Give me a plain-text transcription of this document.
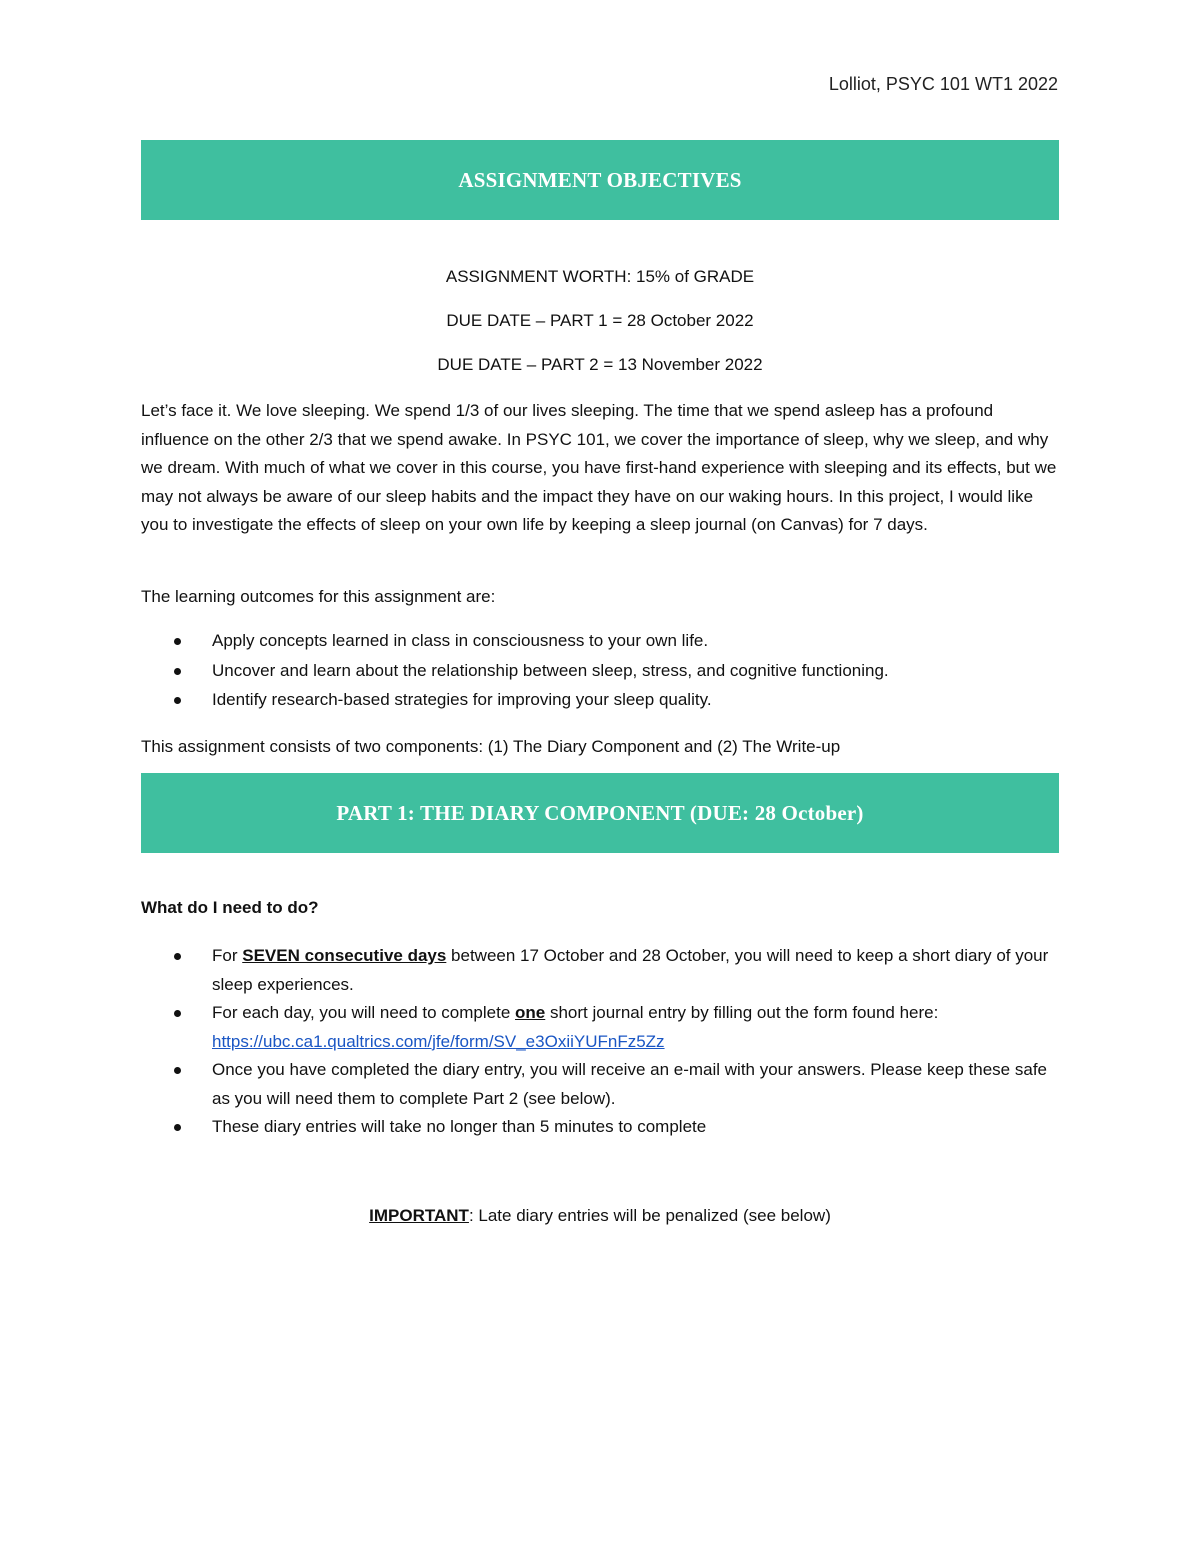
Lolliot, PSYC 101 WT1 2022
ASSIGNMENT OBJECTIVES
ASSIGNMENT WORTH: 15% of GRADE
DUE DATE – PART 1 = 28 October 2022
DUE DATE – PART 2 = 13 November 2022
Let’s face it. We love sleeping. We spend 1/3 of our lives sleeping. The time that we spend asleep has a profound influence on the other 2/3 that we spend awake. In PSYC 101, we cover the importance of sleep, why we sleep, and why we dream. With much of what we cover in this course, you have first-hand experience with sleeping and its effects, but we may not always be aware of our sleep habits and the impact they have on our waking hours. In this project, I would like you to investigate the effects of sleep on your own life by keeping a sleep journal (on Canvas) for 7 days.
The learning outcomes for this assignment are:
Apply concepts learned in class in consciousness to your own life.
Uncover and learn about the relationship between sleep, stress, and cognitive functioning.
Identify research-based strategies for improving your sleep quality.
This assignment consists of two components: (1) The Diary Component and (2) The Write-up
PART 1: THE DIARY COMPONENT (DUE: 28 October)
What do I need to do?
For SEVEN consecutive days between 17 October and 28 October, you will need to keep a short diary of your sleep experiences.
For each day, you will need to complete one short journal entry by filling out the form found here: https://ubc.ca1.qualtrics.com/jfe/form/SV_e3OxiiYUFnFz5Zz
Once you have completed the diary entry, you will receive an e-mail with your answers. Please keep these safe as you will need them to complete Part 2 (see below).
These diary entries will take no longer than 5 minutes to complete
IMPORTANT: Late diary entries will be penalized (see below)
